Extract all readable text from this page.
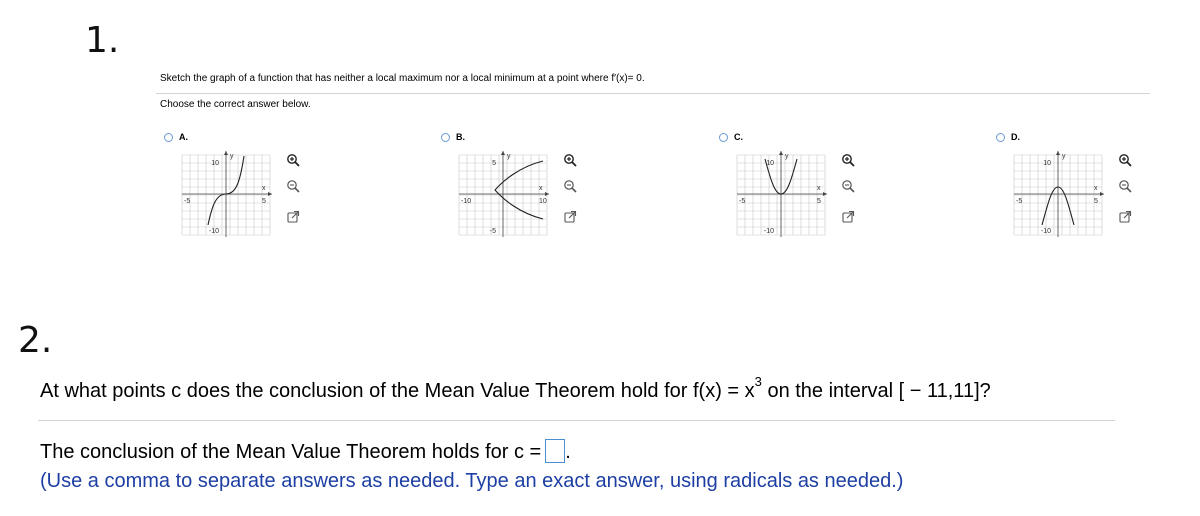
1.
Sketch the graph of a function that has neither a local maximum nor a local minimum at a point where f′(x)= 0.
Choose the correct answer below.
A.
10
-10
-5	5
x
y
B.
5
-5
-10	10
x
y
C.
10
-10
-5	5
x
y
D.
10
-10
-5	5
x
y
2.
At what points c does the conclusion of the Mean Value Theorem hold for $f(x) = x^3$ on the interval [ − 11,11]?
The conclusion of the Mean Value Theorem holds for c = .
(Use a comma to separate answers as needed. Type an exact answer, using radicals as needed.)
